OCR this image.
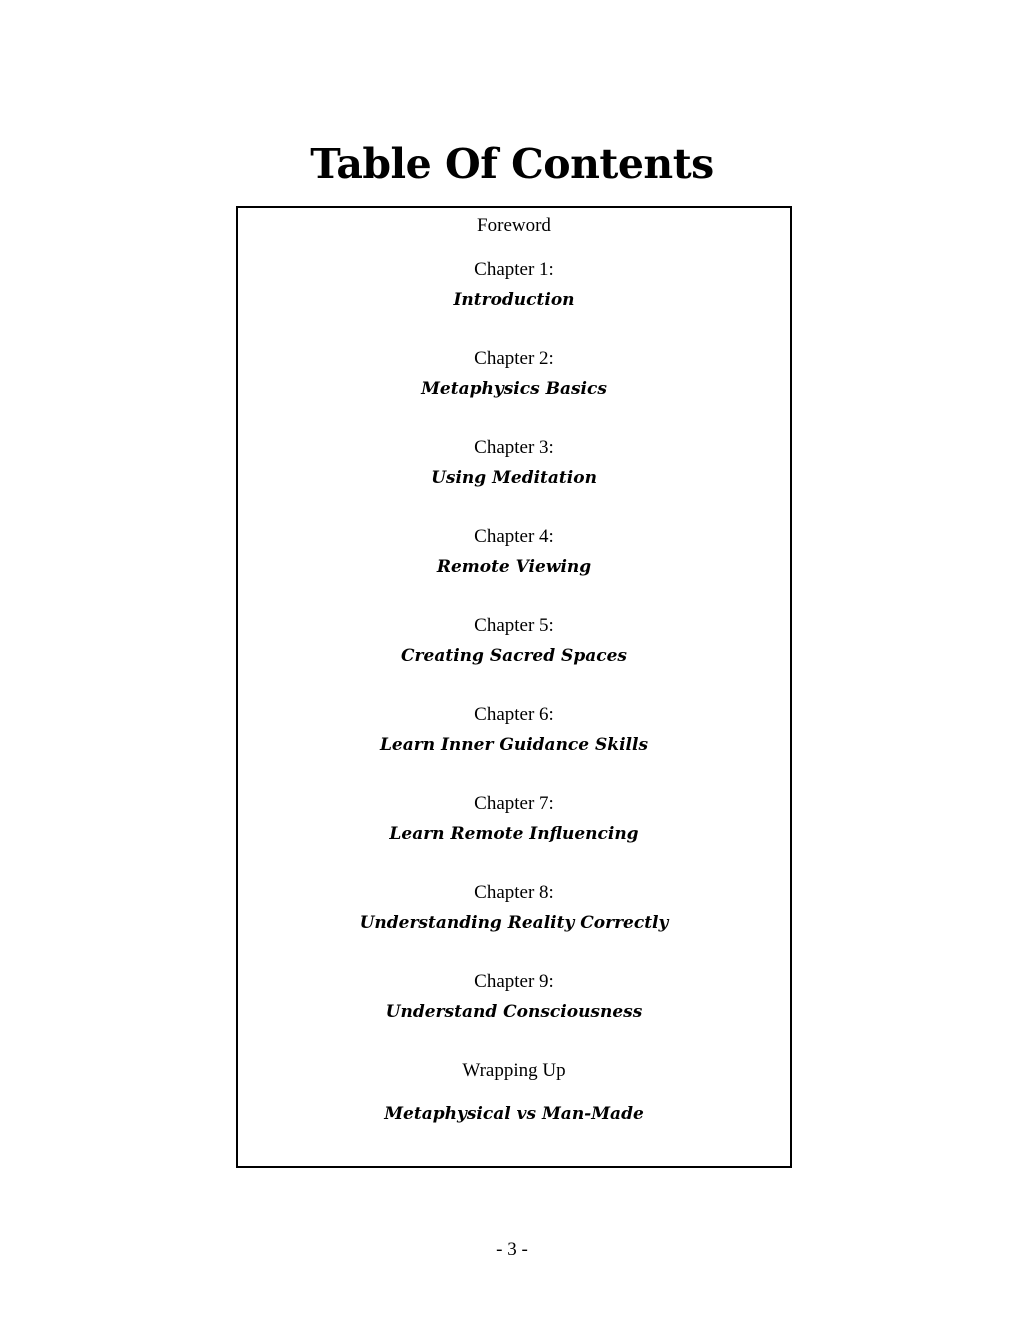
Table Of Contents
Foreword
Chapter 1:
Introduction
Chapter 2:
Metaphysics Basics
Chapter 3:
Using Meditation
Chapter 4:
Remote Viewing
Chapter 5:
Creating Sacred Spaces
Chapter 6:
Learn Inner Guidance Skills
Chapter 7:
Learn Remote Influencing
Chapter 8:
Understanding Reality Correctly
Chapter 9:
Understand Consciousness
Wrapping Up
Metaphysical vs Man-Made
- 3 -
